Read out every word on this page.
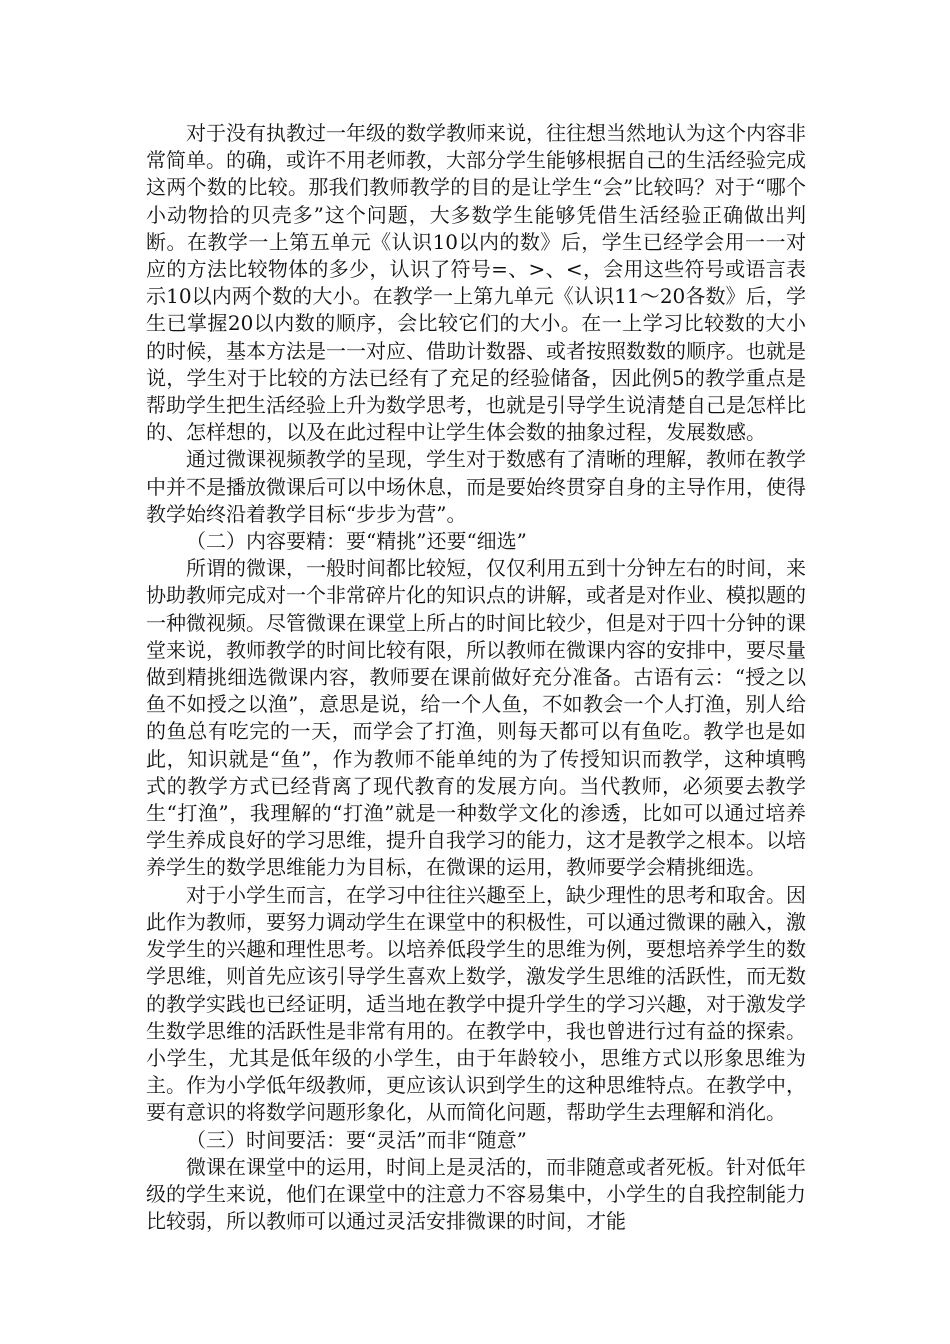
对于没有执教过一年级的数学教师来说，往往想当然地认为这个内容非常简单。的确，或许不用老师教，大部分学生能够根据自己的生活经验完成这两个数的比较。那我们教师教学的目的是让学生“会”比较吗？对于“哪个小动物拾的贝壳多”这个问题，大多数学生能够凭借生活经验正确做出判断。在教学一上第五单元《认识10以内的数》后，学生已经学会用一一对应的方法比较物体的多少，认识了符号=、>、<，会用这些符号或语言表示10以内两个数的大小。在教学一上第九单元《认识11～20各数》后，学生已掌握20以内数的顺序，会比较它们的大小。在一上学习比较数的大小的时候，基本方法是一一对应、借助计数器、或者按照数数的顺序。也就是说，学生对于比较的方法已经有了充足的经验储备，因此例5的教学重点是帮助学生把生活经验上升为数学思考，也就是引导学生说清楚自己是怎样比的、怎样想的，以及在此过程中让学生体会数的抽象过程，发展数感。

通过微课视频教学的呈现，学生对于数感有了清晰的理解，教师在教学中并不是播放微课后可以中场休息，而是要始终贯穿自身的主导作用，使得教学始终沿着教学目标“步步为营”。

（二）内容要精：要“精挑”还要“细选”

所谓的微课，一般时间都比较短，仅仅利用五到十分钟左右的时间，来协助教师完成对一个非常碎片化的知识点的讲解，或者是对作业、模拟题的一种微视频。尽管微课在课堂上所占的时间比较少，但是对于四十分钟的课堂来说，教师教学的时间比较有限，所以教师在微课内容的安排中，要尽量做到精挑细选微课内容，教师要在课前做好充分准备。古语有云：“授之以鱼不如授之以渔”，意思是说，给一个人鱼，不如教会一个人打渔，别人给的鱼总有吃完的一天，而学会了打渔，则每天都可以有鱼吃。教学也是如此，知识就是“鱼”，作为教师不能单纯的为了传授知识而教学，这种填鸭式的教学方式已经背离了现代教育的发展方向。当代教师，必须要去教学生“打渔”，我理解的“打渔”就是一种数学文化的渗透，比如可以通过培养学生养成良好的学习思维，提升自我学习的能力，这才是教学之根本。以培养学生的数学思维能力为目标，在微课的运用，教师要学会精挑细选。

对于小学生而言，在学习中往往兴趣至上，缺少理性的思考和取舍。因此作为教师，要努力调动学生在课堂中的积极性，可以通过微课的融入，激发学生的兴趣和理性思考。以培养低段学生的思维为例，要想培养学生的数学思维，则首先应该引导学生喜欢上数学，激发学生思维的活跃性，而无数的教学实践也已经证明，适当地在教学中提升学生的学习兴趣，对于激发学生数学思维的活跃性是非常有用的。在教学中，我也曾进行过有益的探索。小学生，尤其是低年级的小学生，由于年龄较小，思维方式以形象思维为主。作为小学低年级教师，更应该认识到学生的这种思维特点。在教学中，要有意识的将数学问题形象化，从而简化问题，帮助学生去理解和消化。

（三）时间要活：要“灵活”而非“随意”

微课在课堂中的运用，时间上是灵活的，而非随意或者死板。针对低年级的学生来说，他们在课堂中的注意力不容易集中，小学生的自我控制能力比较弱，所以教师可以通过灵活安排微课的时间，才能
